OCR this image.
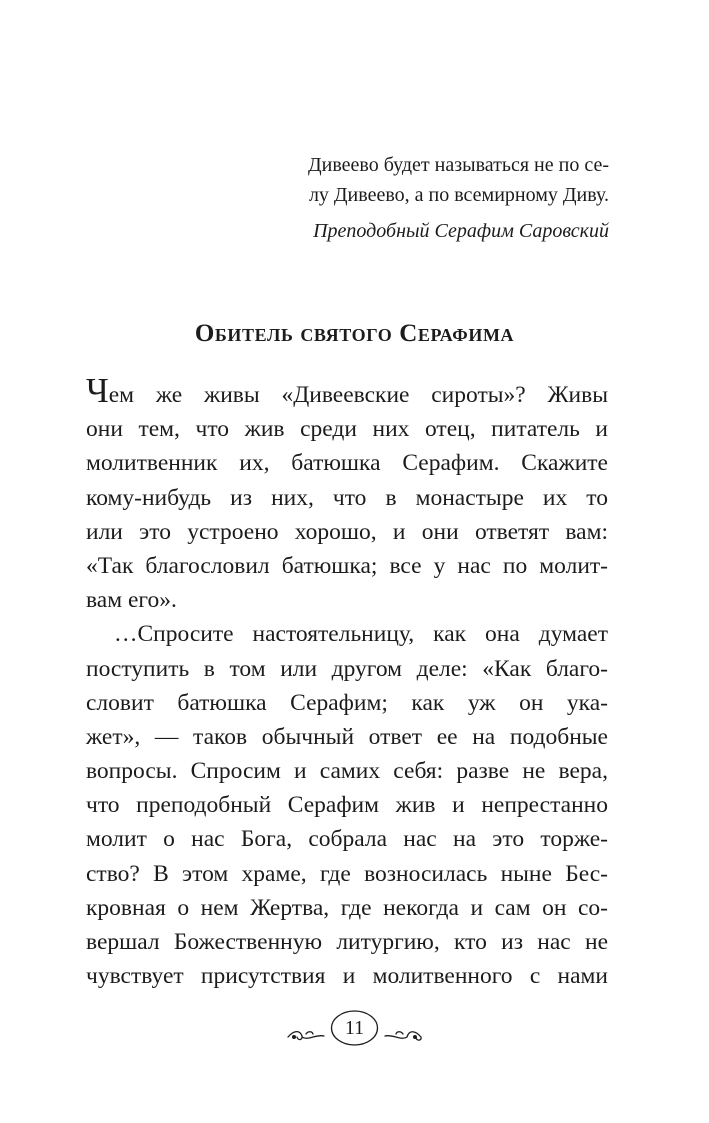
Дивеево будет называться не по се-
лу Дивеево, а по всемирному Диву.

Преподобный Серафим Саровский

Обитель святого Серафима
Чем же живы «Дивеевские сироты»? Живы
они тем, что жив среди них отец, питатель и
молитвенник их, батюшка Серафим. Скажите
кому-нибудь из них, что в монастыре их то
или это устроено хорошо, и они ответят вам:
«Так благословил батюшка; все у нас по молит-
вам его».
…Спросите настоятельницу, как она думает
поступить в том или другом деле: «Как благо-
словит батюшка Серафим; как уж он ука-
жет», — таков обычный ответ ее на подобные
вопросы. Спросим и самих себя: разве не вера,
что преподобный Серафим жив и непрестанно
молит о нас Бога, собрала нас на это торже-
ство? В этом храме, где возносилась ныне Бес-
кровная о нем Жертва, где некогда и сам он со-
вершал Божественную литургию, кто из нас не
чувствует присутствия и молитвенного с нами
11
